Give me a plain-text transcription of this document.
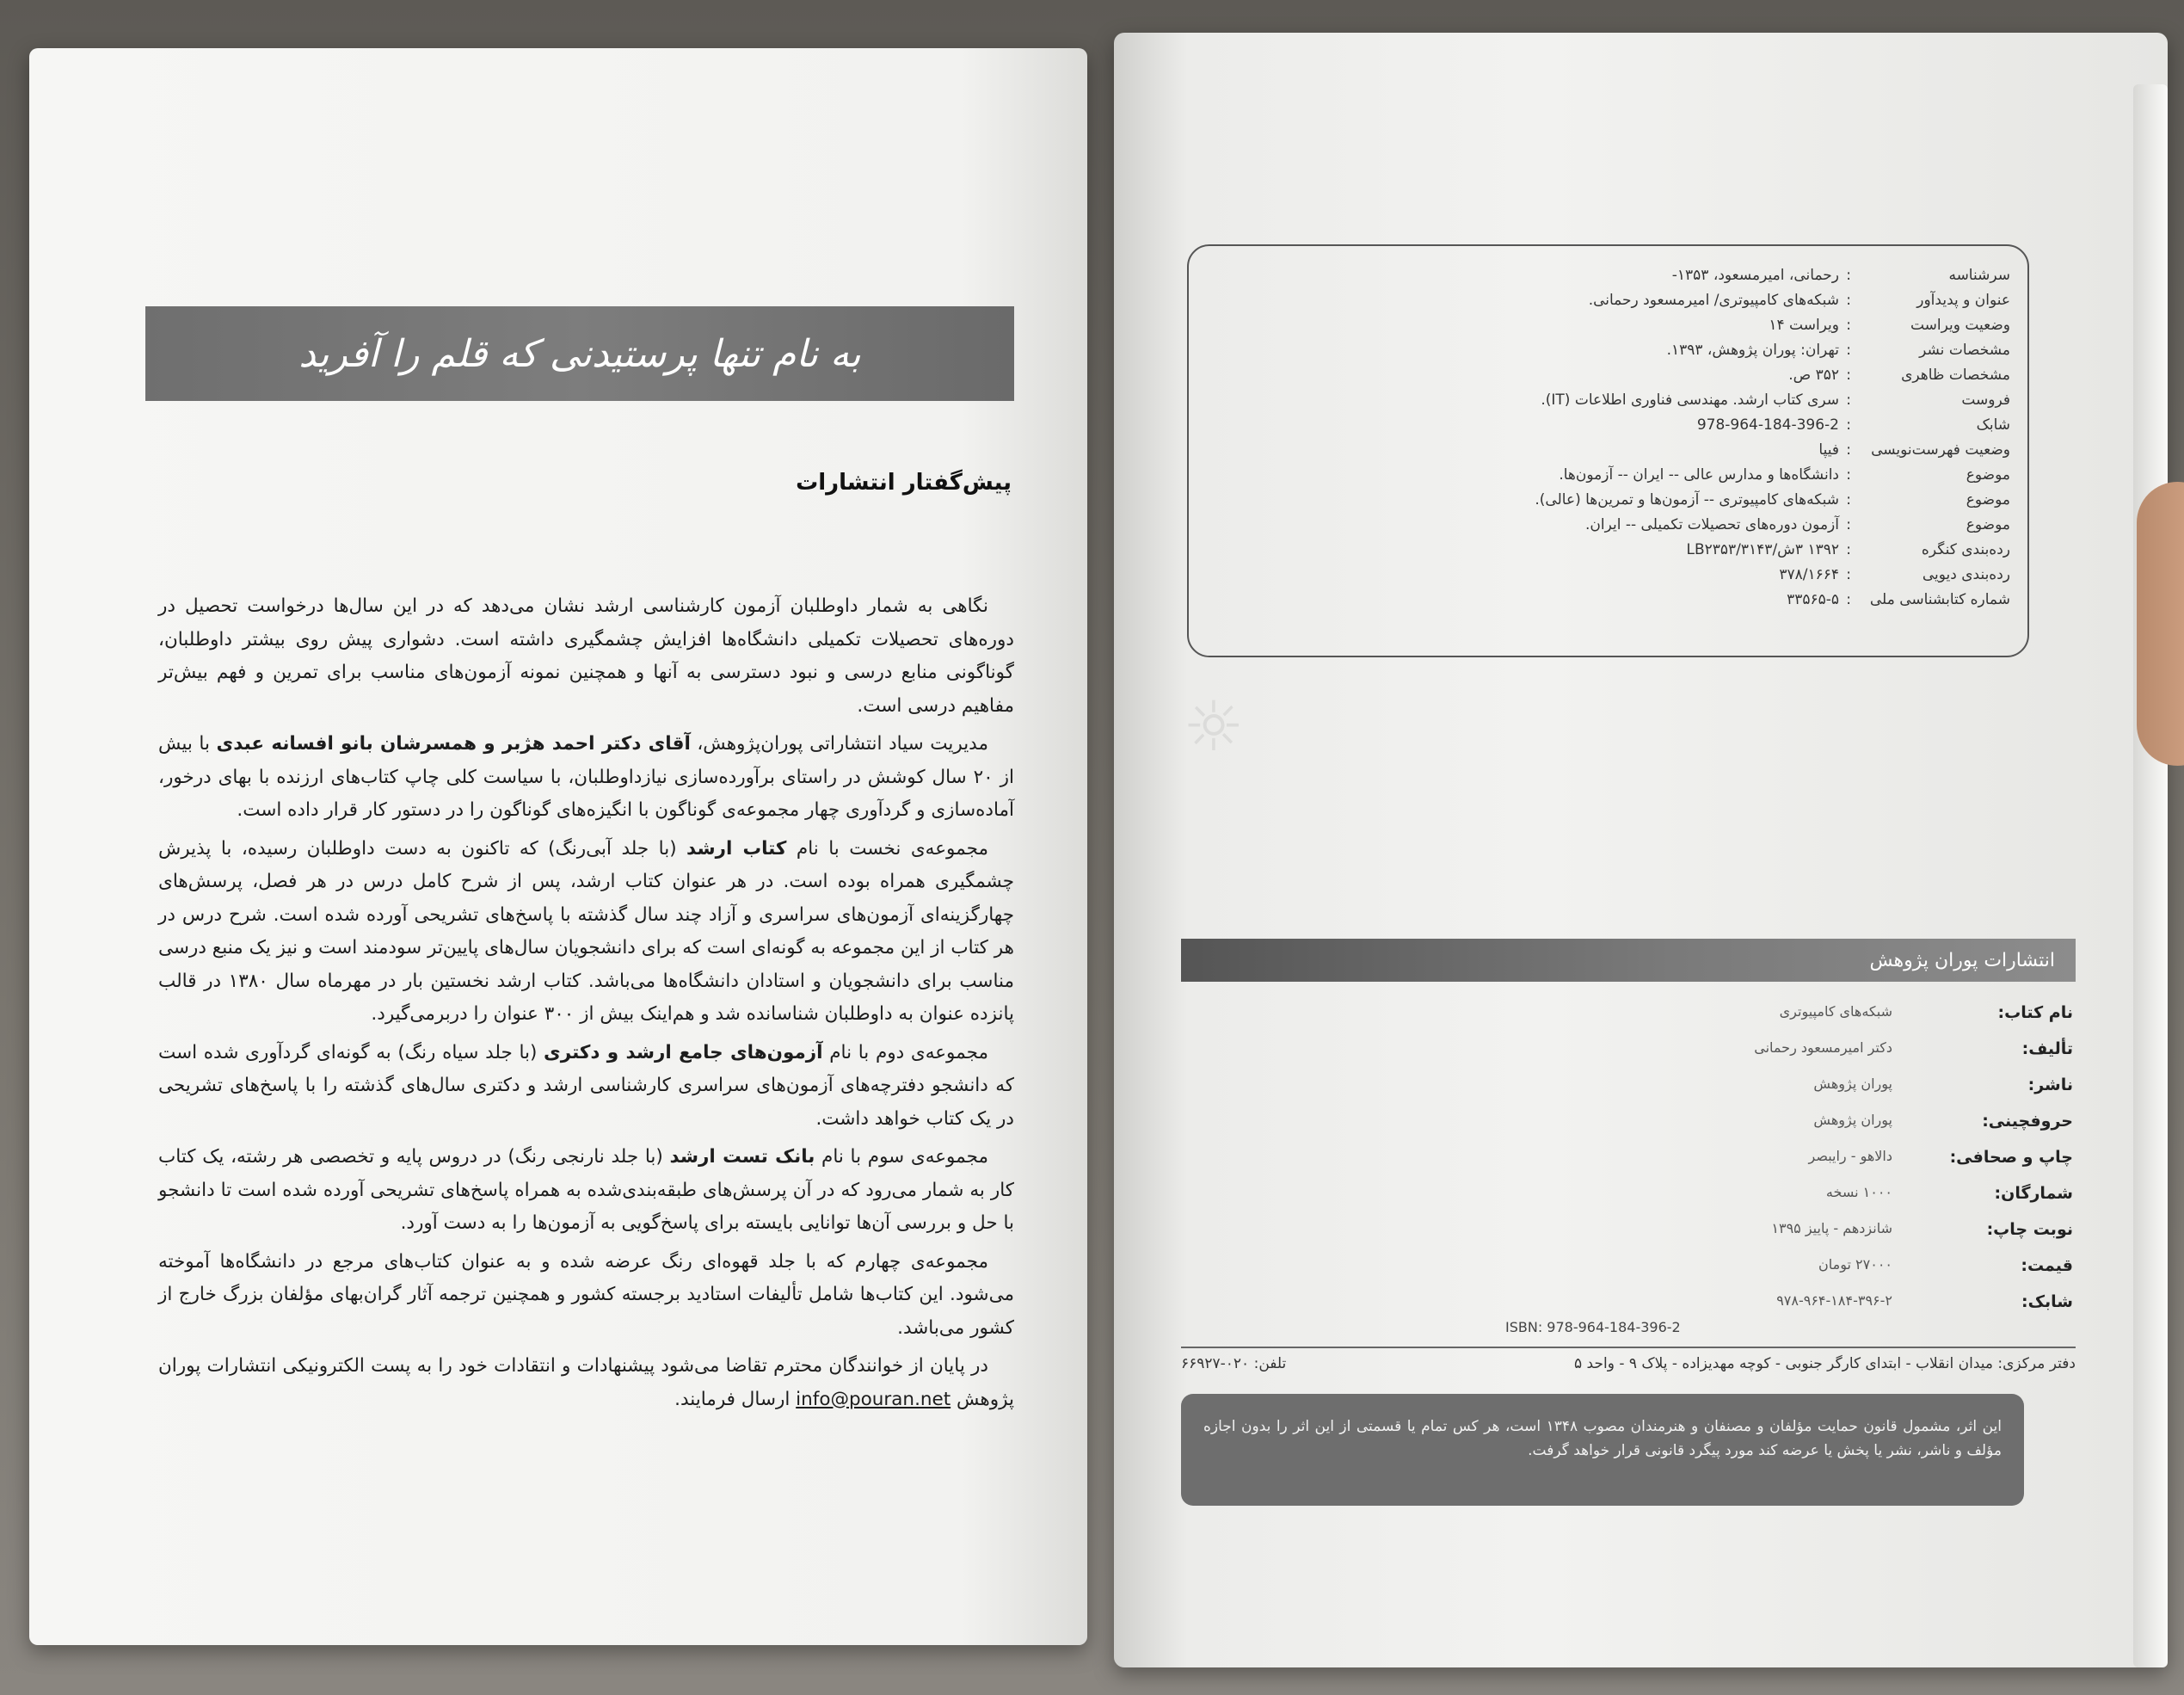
به نام تنها پرستیدنی که قلم را آفرید
پیش‌گفتار انتشارات

نگاهی به شمار داوطلبان آزمون کارشناسی ارشد نشان می‌دهد که در این سال‌ها درخواست تحصیل در دوره‌های تحصیلات تکمیلی دانشگاه‌ها افزایش چشمگیری داشته است. دشواری پیش روی بیشتر داوطلبان، گوناگونی منابع درسی و نبود دسترسی به آنها و همچنین نمونه آزمون‌های مناسب برای تمرین و فهم بیش‌تر مفاهیم درسی است.

مدیریت سیاد انتشاراتی پوران‌پژوهش، آقای دکتر احمد هژبر و همسرشان بانو افسانه عبدی با بیش از ۲۰ سال کوشش در راستای برآورده‌سازی نیازداوطلبان، با سیاست کلی چاپ کتاب‌های ارزنده با بهای درخور، آماده‌سازی و گردآوری چهار مجموعه‌ی گوناگون با انگیزه‌های گوناگون را در دستور کار قرار داده است.

مجموعه‌ی نخست با نام کتاب ارشد (با جلد آبی‌رنگ) که تاکنون به دست داوطلبان رسیده، با پذیرش چشمگیری همراه بوده است. در هر عنوان کتاب ارشد، پس از شرح کامل درس در هر فصل، پرسش‌های چهارگزینه‌ای آزمون‌های سراسری و آزاد چند سال گذشته با پاسخ‌های تشریحی آورده شده است. شرح درس در هر کتاب از این مجموعه به گونه‌ای است که برای دانشجویان سال‌های پایین‌تر سودمند است و نیز یک منبع درسی مناسب برای دانشجویان و استادان دانشگاه‌ها می‌باشد. کتاب ارشد نخستین بار در مهرماه سال ۱۳۸۰ در قالب پانزده عنوان به داوطلبان شناسانده شد و هم‌اینک بیش از ۳۰۰ عنوان را دربرمی‌گیرد.

مجموعه‌ی دوم با نام آزمون‌های جامع ارشد و دکتری (با جلد سیاه رنگ) به گونه‌ای گردآوری شده است که دانشجو دفترچه‌های آزمون‌های سراسری کارشناسی ارشد و دکتری سال‌های گذشته را با پاسخ‌های تشریحی در یک کتاب خواهد داشت.

مجموعه‌ی سوم با نام بانک تست ارشد (با جلد نارنجی رنگ) در دروس پایه و تخصصی هر رشته، یک کتاب کار به شمار می‌رود که در آن پرسش‌های طبقه‌بندی‌شده به همراه پاسخ‌های تشریحی آورده شده است تا دانشجو با حل و بررسی آن‌ها توانایی بایسته برای پاسخ‌گویی به آزمون‌ها را به دست آورد.

مجموعه‌ی چهارم که با جلد قهوه‌ای رنگ عرضه شده و به عنوان کتاب‌های مرجع در دانشگاه‌ها آموخته می‌شود. این کتاب‌ها شامل تألیفات استادید برجسته کشور و همچنین ترجمه آثار گران‌بهای مؤلفان بزرگ خارج از کشور می‌باشد.

در پایان از خوانندگان محترم تقاضا می‌شود پیشنهادات و انتقادات خود را به پست الکترونیکی انتشارات پوران پژوهش info@pouran.net ارسال فرمایند.

☼
سرشناسه
:
رحمانی، امیرمسعود، ۱۳۵۳-
عنوان و پدیدآور
:
شبکه‌های کامپیوتری/ امیرمسعود رحمانی.
وضعیت ویراست
:
ویراست ۱۴
مشخصات نشر
:
تهران: پوران پژوهش، ۱۳۹۳.
مشخصات ظاهری
:
۳۵۲ ص.
فروست
:
سری کتاب ارشد. مهندسی فناوری اطلاعات (IT).
شابک
:
978-964-184-396-2
وضعیت فهرست‌نویسی
:
فیپا
موضوع
:
دانشگاه‌ها و مدارس عالی -- ایران -- آزمون‌ها.
موضوع
:
شبکه‌های کامپیوتری -- آزمون‌ها و تمرین‌ها (عالی).
موضوع
:
آزمون دوره‌های تحصیلات تکمیلی -- ایران.
رده‌بندی کنگره
:
۱۳۹۲ ۳ش/۳۱۴۳/LB۲۳۵۳
رده‌بندی دیویی
:
۳۷۸/۱۶۶۴
شماره کتابشناسی ملی
:
۳۳۵۶۵-۵
انتشارات پوران پژوهش
نام کتاب:
شبکه‌های کامپیوتری
تألیف:
دکتر امیرمسعود رحمانی
ناشر:
پوران پژوهش
حروفچینی:
پوران پژوهش
چاپ و صحافی:
دالاهو - رایبصر
شمارگان:
۱۰۰۰ نسخه
نوبت چاپ:
شانزدهم - پاییز ۱۳۹۵
قیمت:
۲۷۰۰۰ تومان
شابک:
۹۷۸-۹۶۴-۱۸۴-۳۹۶-۲
ISBN: 978-964-184-396-2
دفتر مرکزی: میدان انقلاب - ابتدای کارگر جنوبی - کوچه مهدیزاده - پلاک ۹ - واحد ۵
تلفن: ۰۲۰-۶۶۹۲۷
این اثر، مشمول قانون حمایت مؤلفان و مصنفان و هنرمندان مصوب ۱۳۴۸ است، هر کس تمام یا قسمتی از این اثر را بدون اجازه مؤلف و ناشر، نشر یا پخش یا عرضه کند مورد پیگرد قانونی قرار خواهد گرفت.
